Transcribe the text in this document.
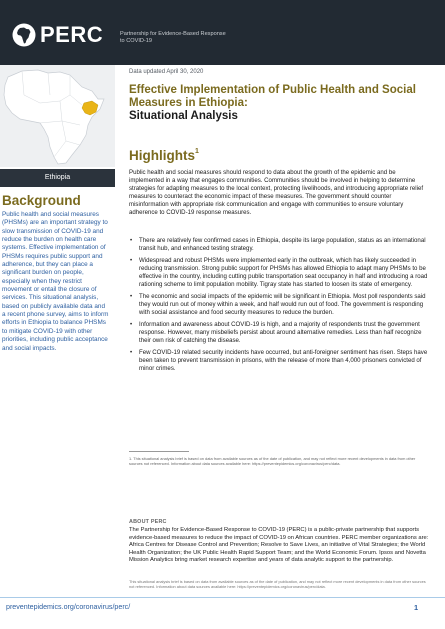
PERC	Partnership for Evidence-Based Response to COVID-19
Data updated April 30, 2020
Ethiopia
Background
Public health and social measures (PHSMs) are an important strategy to slow transmission of COVID-19 and reduce the burden on health care systems. Effective implementation of PHSMs requires public support and adherence, but they can place a significant burden on people, especially when they restrict movement or entail the closure of services. This situational analysis, based on publicly available data and a recent phone survey, aims to inform efforts in Ethiopia to balance PHSMs to mitigate COVID-19 with other priorities, including public acceptance and social impacts.
Effective Implementation of Public Health and Social Measures in Ethiopia:
Situational Analysis
Highlights$^1$
Public health and social measures should respond to data about the growth of the epidemic and be implemented in a way that engages communities. Communities should be involved in helping to determine strategies for adapting measures to the local context, protecting livelihoods, and introducing appropriate relief measures to counteract the economic impact of these measures. The government should counter misinformation with appropriate risk communication and engage with communities to ensure voluntary adherence to COVID-19 response measures.
• There are relatively few confirmed cases in Ethiopia, despite its large population, status as an international transit hub, and enhanced testing strategy.
• Widespread and robust PHSMs were implemented early in the outbreak, which has likely succeeded in reducing transmission. Strong public support for PHSMs has allowed Ethiopia to adapt many PHSMs to be effective in the country, including cutting public transportation seat occupancy in half and introducing a road rationing scheme to limit population mobility. Tigray state has started to loosen its state of emergency.
• The economic and social impacts of the epidemic will be significant in Ethiopia. Most poll respondents said they would run out of money within a week, and half would run out of food. The government is responding with social assistance and food security measures to reduce the burden.
• Information and awareness about COVID-19 is high, and a majority of respondents trust the government response. However, many misbeliefs persist about around alternative remedies. Less than half recognize their own risk of catching the disease.
• Few COVID-19 related security incidents have occurred, but anti-foreigner sentiment has risen. Steps have been taken to prevent transmission in prisons, with the release of more than 4,000 prisoners convicted of minor crimes.
1. This situational analysis brief is based on data from available sources as of the date of publication, and may not reflect more recent developments in data from other sources not referenced. Information about data sources available here: https://preventepidemics.org/coronavirus/perc/data.
ABOUT PERC
The Partnership for Evidence-Based Response to COVID-19 (PERC) is a public-private partnership that supports evidence-based measures to reduce the impact of COVID-19 on African countries. PERC member organizations are: Africa Centres for Disease Control and Prevention; Resolve to Save Lives, an initiative of Vital Strategies; the World Health Organization; the UK Public Health Rapid Support Team; and the World Economic Forum. Ipsos and Novetta Mission Analytics bring market research expertise and years of data analytic support to the partnership.
This situational analysis brief is based on data from available sources as of the date of publication, and may not reflect more recent developments in data from other sources not referenced. Information about data sources available here: https://preventepidemics.org/coronavirus/perc/data.
preventepidemics.org/coronavirus/perc/	1
